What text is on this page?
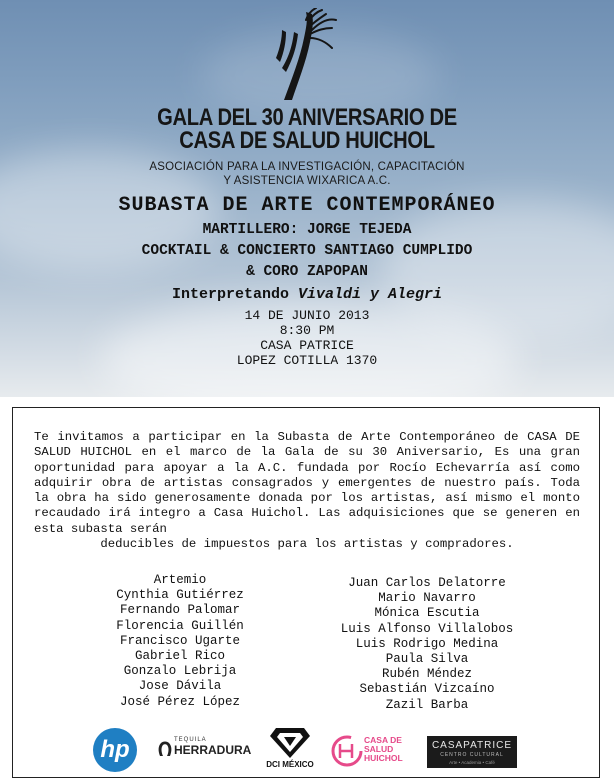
GALA DEL 30 ANIVERSARIO DE
CASA DE SALUD HUICHOL
ASOCIACIÓN PARA LA INVESTIGACIÓN, CAPACITACIÓN
Y ASISTENCIA WIXARICA A.C.
SUBASTA DE ARTE CONTEMPORÁNEO
MARTILLERO: JORGE TEJEDA
COCKTAIL & CONCIERTO SANTIAGO CUMPLIDO
& CORO ZAPOPAN
Interpretando Vivaldi y Alegri
14 DE JUNIO 2013
8:30 PM
CASA PATRICE
LOPEZ COTILLA 1370
Te invitamos a participar en la Subasta de Arte Contemporáneo de CASA DE SALUD HUICHOL en el marco de la Gala de su 30 Aniversario, Es una gran oportunidad para apoyar a la A.C. fundada por Rocío Echevarría así como adquirir obra de artistas consagrados y emergentes de nuestro país. Toda la obra ha sido generosamente donada por los artistas, así mismo el monto recaudado irá integro a Casa Huichol. Las adquisiciones que se generen en esta subasta serán
deducibles de impuestos para los artistas y compradores.
Artemio
Cynthia Gutiérrez
Fernando Palomar
Florencia Guillén
Francisco Ugarte
Gabriel Rico
Gonzalo Lebrija
Jose Dávila
José Pérez López
Juan Carlos Delatorre
Mario Navarro
Mónica Escutia
Luis Alfonso Villalobos
Luis Rodrigo Medina
Paula Silva
Rubén Méndez
Sebastián Vizcaíno
Zazil Barba
hp	TEQUILA
HERRADURA
DCI MÉXICO
CASA DE
SALUD
HUICHOL
CASAPATRICE
CENTRO CULTURAL
Arte • Academia • Café
